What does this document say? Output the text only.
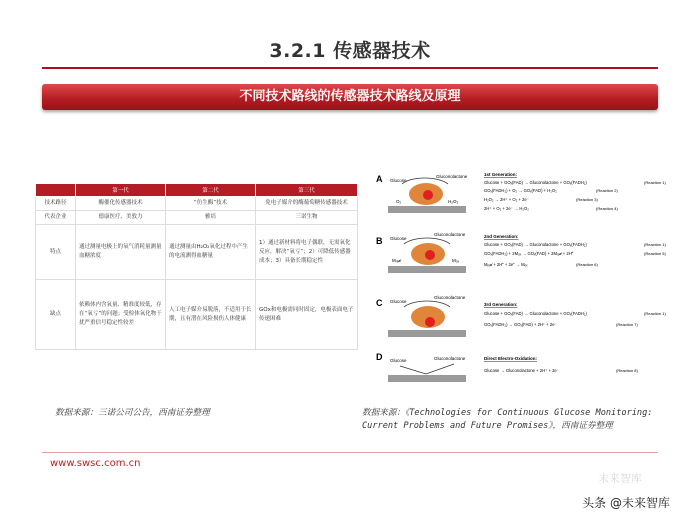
3.2.1 传感器技术
不同技术路线的传感器技术路线及原理
	第一代	第二代	第三代
技术路径	酶催化传感器技术	“仿生酶”技术	免电子媒介的酶葡萄糖传感器技术
代表企业	德康医疗、美敦力	雅培	三诺生物
特点	通过测量电极上的氧气消耗量测量血糖浓度	通过测量由H₂O₂氧化过程中产生的电流测得血糖量	1）通过新材料将电子偶联，无需氧化反应，解决“氧亏”；2）可降低传感器成本；3）具备长期稳定性
缺点	依赖体内含氧量、精准度较低，存在“氧亏”的问题；受检体氧化物干扰严重信号稳定性较差	人工电子媒介易脱落，不适用于长期，且有潜在风险损伤人体健康	GOx和电极需同时固定，电极表面电子传递困难
A Glucose
Gluconolactone
O₂	H₂O₂
1st Generation:
Glucose + GOₓ(FAD) → Gluconolactone + GOₓ(FADH₂)	(Reaction 1)
GOₓ(FADH₂) + O₂ → GOₓ(FAD) + H₂O₂	(Reaction 2)
H₂O₂ → 2H⁺ + O₂ + 2e⁻	(Reaction 3)
2H⁺ + O₂ + 2e⁻ → H₂O₂	(Reaction 4)
B Glucose
Gluconolactone
Mᵣₑ𝒹	Mₒₓ
2nd Generation:
Glucose + GOₓ(FAD) → Gluconolactone + GOₓ(FADH₂)	(Reaction 1)
GOₓ(FADH₂) + 2Mₒₓ → GOₓ(FAD) + 2Mᵣₑ𝒹 + 2H⁺	(Reaction 5)
Mᵣₑ𝒹 + 2H⁺ + 2e⁻ → Mₒₓ	(Reaction 6)
C Glucose
Gluconolactone
3rd Generation:
Glucose + GOₓ(FAD) → Gluconolactone + GOₓ(FADH₂)	(Reaction 1)
GOₓ(FADH₂) → GOₓ(FAD) + 2H⁺ + 2e⁻	(Reaction 7)
D Glucose	Gluconolactone	Direct Electro-Oxidation:
Glucose → Gluconolactone + 2H⁺ + 2e⁻	(Reaction 8)
数据来源：三诺公司公告，西南证券整理	数据来源：《Technologies for Continuous Glucose Monitoring: Current Problems and Future Promises》，西南证券整理
www.swsc.com.cn
未来智库
头条 @未来智库
